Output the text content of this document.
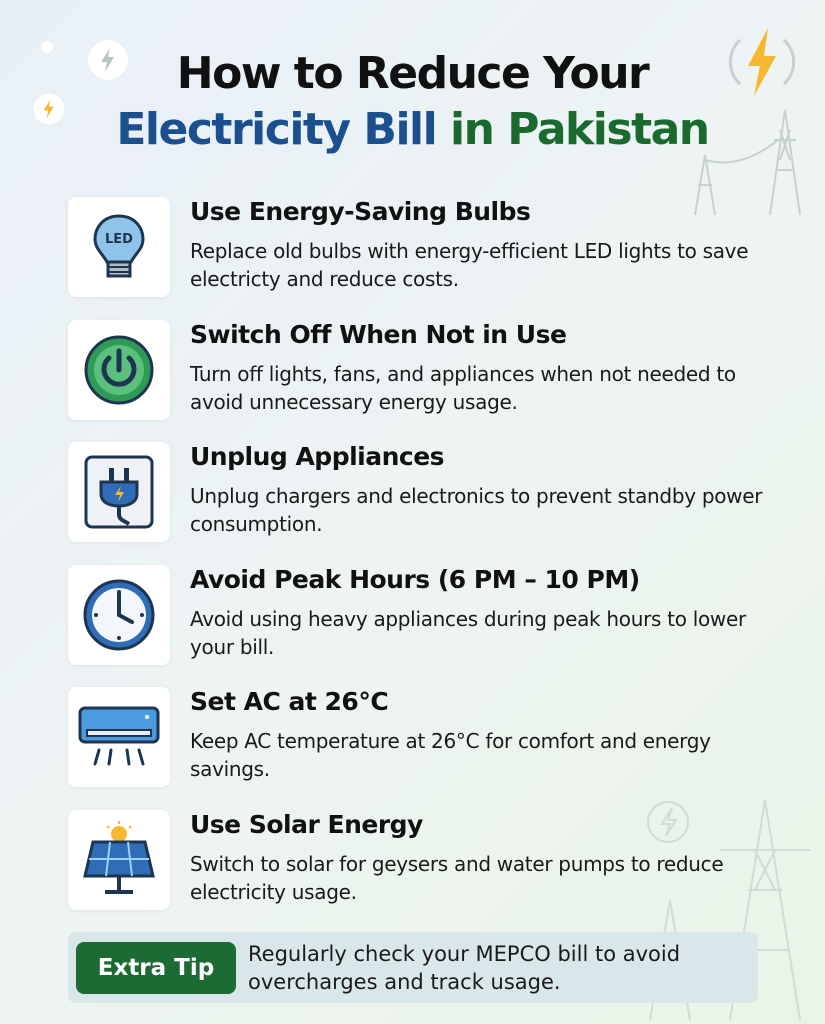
How to Reduce Your
Electricity Bill in Pakistan
LED
Use Energy-Saving Bulbs
Replace old bulbs with energy-efficient LED lights to save electricty and reduce costs.
Switch Off When Not in Use
Turn off lights, fans, and appliances when not needed to avoid unnecessary energy usage.
Unplug Appliances
Unplug chargers and electronics to prevent standby power consumption.
Avoid Peak Hours (6 PM – 10 PM)
Avoid using heavy appliances during peak hours to lower your bill.
Set AC at 26°C
Keep AC temperature at 26°C for comfort and energy savings.
Use Solar Energy
Switch to solar for geysers and water pumps to reduce electricity usage.
Extra Tip
Regularly check your MEPCO bill to avoid overcharges and track usage.
